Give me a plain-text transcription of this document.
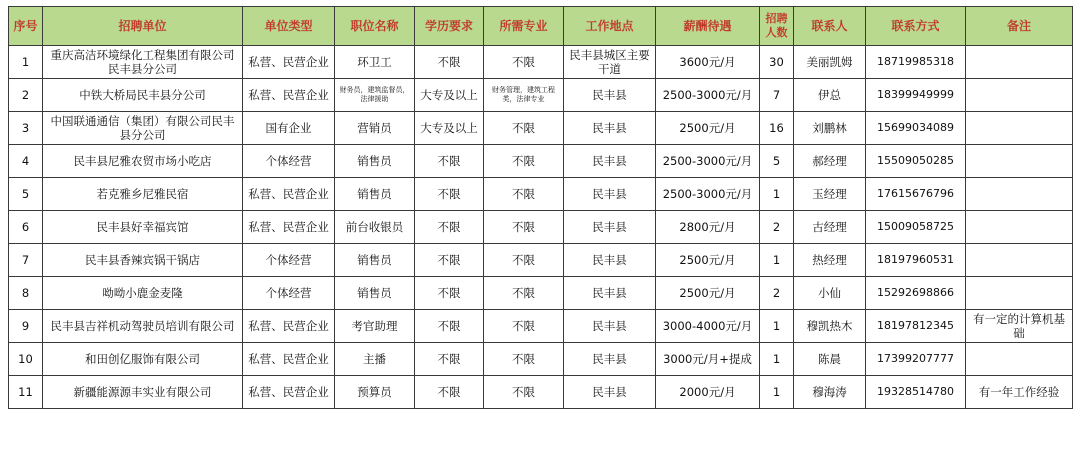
序号	招聘单位	单位类型	职位名称	学历要求	所需专业	工作地点	薪酬待遇	招聘人数	联系人	联系方式	备注
1	重庆高洁环境绿化工程集团有限公司民丰县分公司	私营、民营企业	环卫工	不限	不限	民丰县城区主要干道	3600元/月	30	美丽凯姆	18719985318	
2	中铁大桥局民丰县分公司	私营、民营企业	财务员，建筑监督员，法律援助	大专及以上	财务管理，建筑工程类，法律专业	民丰县	2500-3000元/月	7	伊总	18399949999	
3	中国联通通信（集团）有限公司民丰县分公司	国有企业	营销员	大专及以上	不限	民丰县	2500元/月	16	刘鹏林	15699034089	
4	民丰县尼雅农贸市场小吃店	个体经营	销售员	不限	不限	民丰县	2500-3000元/月	5	郝经理	15509050285	
5	若克雅乡尼雅民宿	私营、民营企业	销售员	不限	不限	民丰县	2500-3000元/月	1	玉经理	17615676796	
6	民丰县好幸福宾馆	私营、民营企业	前台收银员	不限	不限	民丰县	2800元/月	2	古经理	15009058725	
7	民丰县香辣宾锅干锅店	个体经营	销售员	不限	不限	民丰县	2500元/月	1	热经理	18197960531	
8	呦呦小鹿金麦隆	个体经营	销售员	不限	不限	民丰县	2500元/月	2	小仙	15292698866	
9	民丰县吉祥机动驾驶员培训有限公司	私营、民营企业	考官助理	不限	不限	民丰县	3000-4000元/月	1	穆凯热木	18197812345	有一定的计算机基础
10	和田创亿服饰有限公司	私营、民营企业	主播	不限	不限	民丰县	3000元/月+提成	1	陈晨	17399207777	
11	新疆能源源丰实业有限公司	私营、民营企业	预算员	不限	不限	民丰县	2000元/月	1	穆海涛	19328514780	有一年工作经验
